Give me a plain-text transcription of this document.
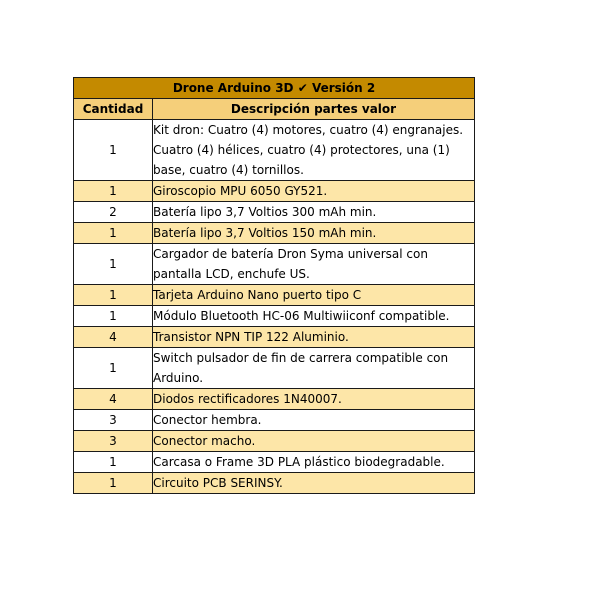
Drone Arduino 3D ✔ Versión 2	
Cantidad	Descripción partes valor
1	Kit dron: Cuatro (4) motores, cuatro (4) engranajes. Cuatro (4) hélices, cuatro (4) protectores, una (1) base, cuatro (4) tornillos.
1	Giroscopio MPU 6050 GY521.
2	Batería lipo 3,7 Voltios 300 mAh min.
1	Batería lipo 3,7 Voltios 150 mAh min.
1	Cargador de batería Dron Syma universal con pantalla LCD, enchufe US.
1	Tarjeta Arduino Nano puerto tipo C
1	Módulo Bluetooth HC-06 Multiwiiconf compatible.
4	Transistor NPN TIP 122 Aluminio.
1	Switch pulsador de fin de carrera compatible con Arduino.
4	Diodos rectificadores 1N40007.
3	Conector hembra.
3	Conector macho.
1	Carcasa o Frame 3D PLA plástico biodegradable.
1	Circuito PCB SERINSY.
